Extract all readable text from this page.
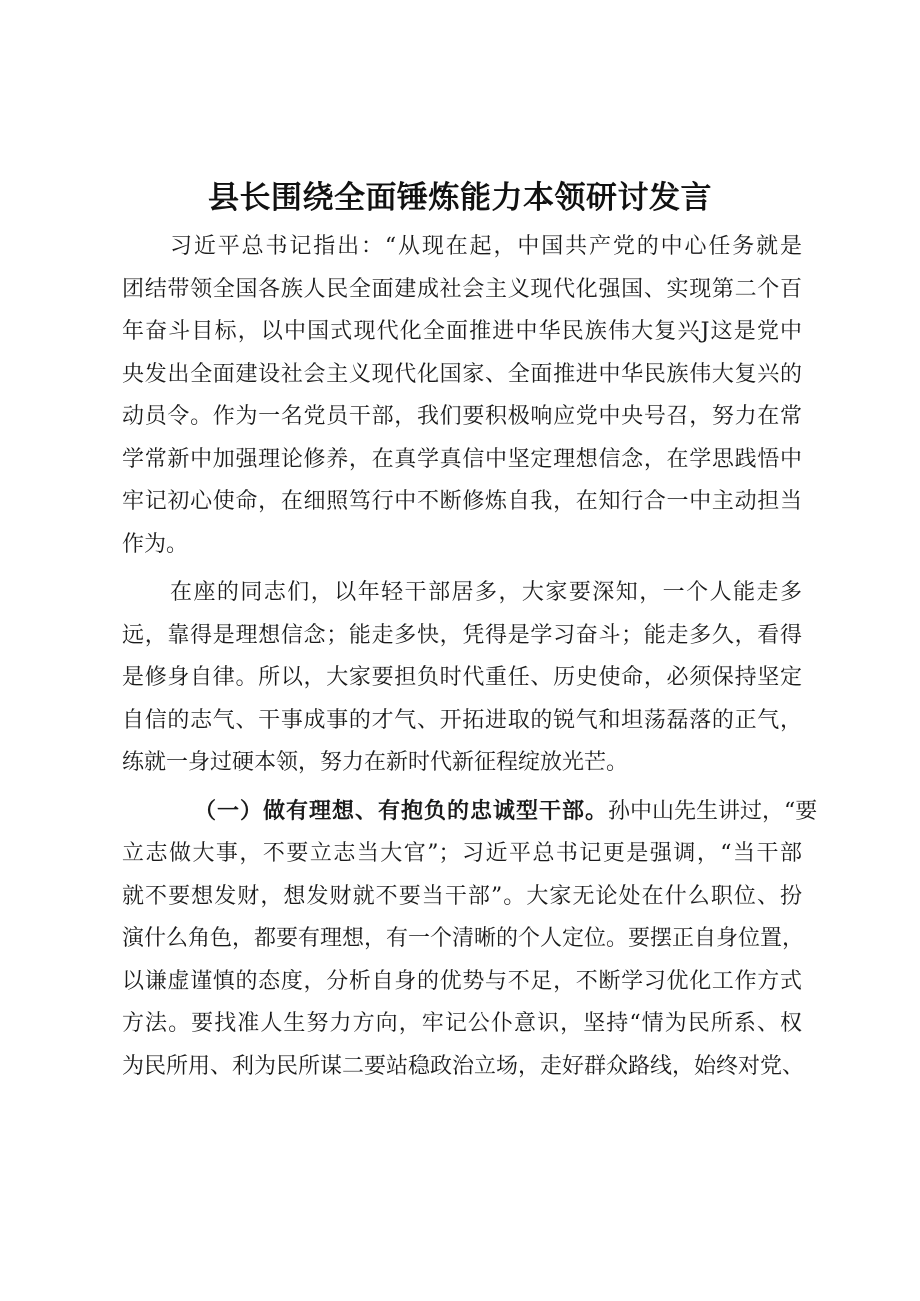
县长围绕全面锤炼能力本领研讨发言
习近平总书记指出：“从现在起，中国共产党的中心任务就是
团结带领全国各族人民全面建成社会主义现代化强国、实现第二个百
年奋斗目标，以中国式现代化全面推进中华民族伟大复兴J这是党中
央发出全面建设社会主义现代化国家、全面推进中华民族伟大复兴的
动员令。作为一名党员干部，我们要积极响应党中央号召，努力在常
学常新中加强理论修养，在真学真信中坚定理想信念，在学思践悟中
牢记初心使命，在细照笃行中不断修炼自我，在知行合一中主动担当
作为。
在座的同志们，以年轻干部居多，大家要深知，一个人能走多
远，靠得是理想信念；能走多快，凭得是学习奋斗；能走多久，看得
是修身自律。所以，大家要担负时代重任、历史使命，必须保持坚定
自信的志气、干事成事的才气、开拓进取的锐气和坦荡磊落的正气，
练就一身过硬本领，努力在新时代新征程绽放光芒。
（一）做有理想、有抱负的忠诚型干部。孙中山先生讲过，“要
立志做大事，不要立志当大官”；习近平总书记更是强调，“当干部
就不要想发财，想发财就不要当干部”。大家无论处在什么职位、扮
演什么角色，都要有理想，有一个清晰的个人定位。要摆正自身位置，
以谦虚谨慎的态度，分析自身的优势与不足，不断学习优化工作方式
方法。要找准人生努力方向，牢记公仆意识，坚持“情为民所系、权
为民所用、利为民所谋二要站稳政治立场，走好群众路线，始终对党、
